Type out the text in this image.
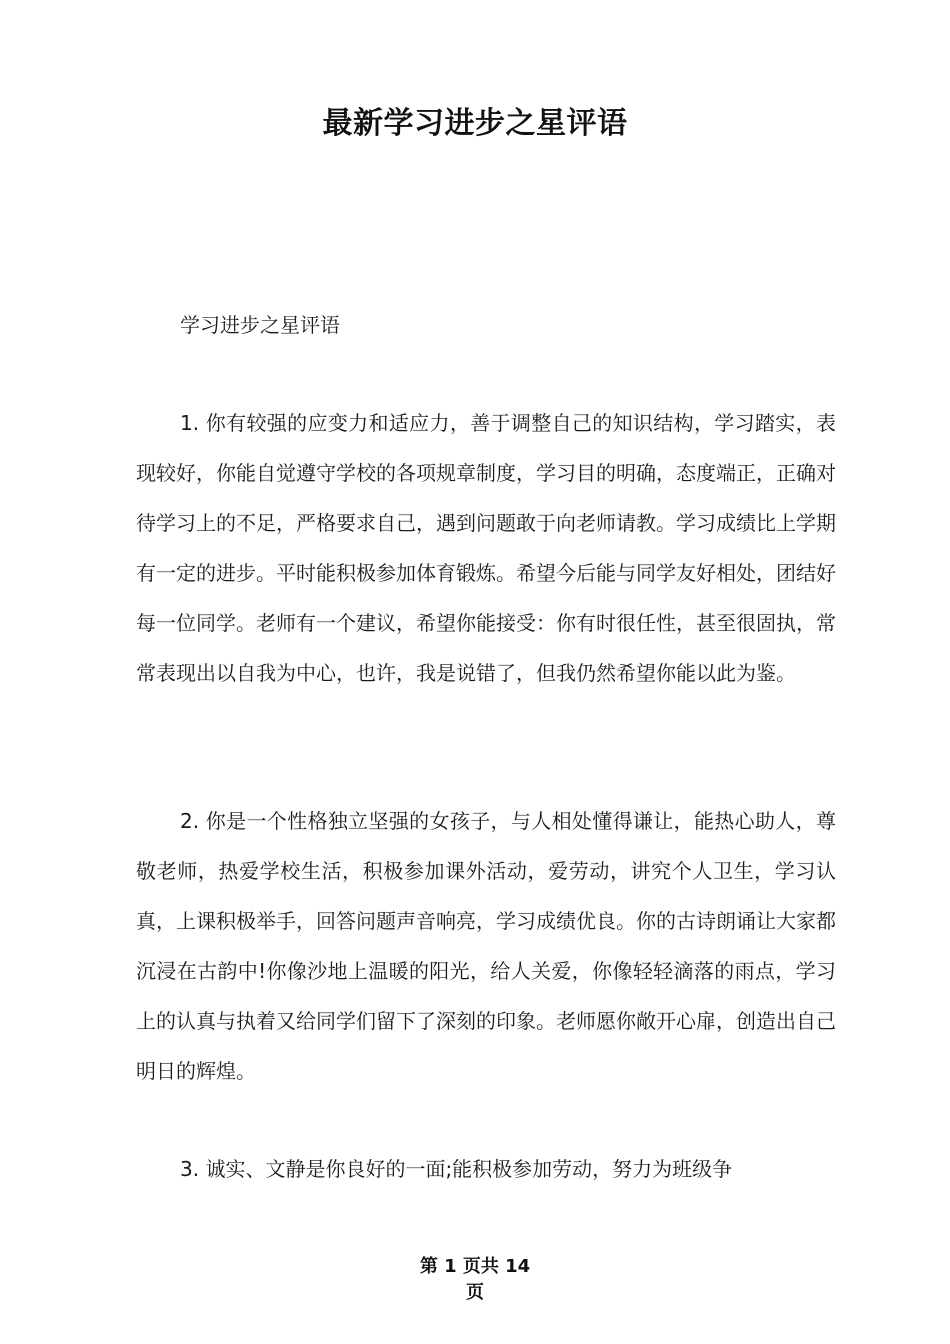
最新学习进步之星评语
学习进步之星评语

1. 你有较强的应变力和适应力，善于调整自己的知识结构，学习踏实，表现较好，你能自觉遵守学校的各项规章制度，学习目的明确，态度端正，正确对待学习上的不足，严格要求自己，遇到问题敢于向老师请教。学习成绩比上学期有一定的进步。平时能积极参加体育锻炼。希望今后能与同学友好相处，团结好每一位同学。老师有一个建议，希望你能接受：你有时很任性，甚至很固执，常常表现出以自我为中心，也许，我是说错了，但我仍然希望你能以此为鉴。

2. 你是一个性格独立坚强的女孩子，与人相处懂得谦让，能热心助人，尊敬老师，热爱学校生活，积极参加课外活动，爱劳动，讲究个人卫生，学习认真，上课积极举手，回答问题声音响亮，学习成绩优良。你的古诗朗诵让大家都沉浸在古韵中!你像沙地上温暖的阳光，给人关爱，你像轻轻滴落的雨点，学习上的认真与执着又给同学们留下了深刻的印象。老师愿你敞开心扉，创造出自己明日的辉煌。

3. 诚实、文静是你良好的一面;能积极参加劳动，努力为班级争

第 1 页共 14
页
